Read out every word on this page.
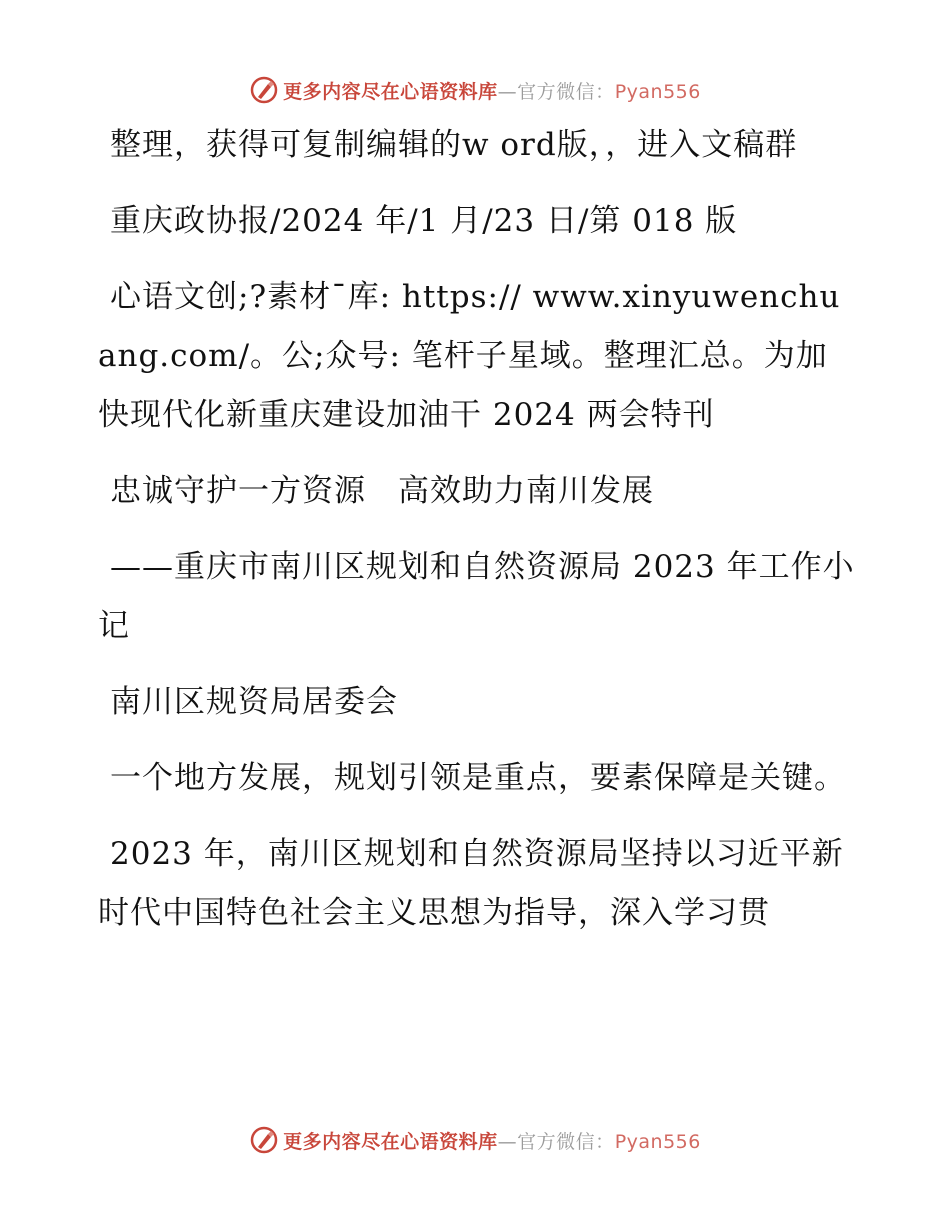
更多内容尽在心语资料库—官方微信：Pyan556

整理，获得可复制编辑的w ord版，，进入文稿群

重庆政协报/2024 年/1 月/23 日/第 018 版

心语文创;?素材¯库: https:// www.xinyuwenchuang.com/。公;众号: 笔杆子星域。整理汇总。为加快现代化新重庆建设加油干 2024 两会特刊

忠诚守护一方资源　高效助力南川发展

——重庆市南川区规划和自然资源局 2023 年工作小记

南川区规资局居委会

一个地方发展，规划引领是重点，要素保障是关键。

2023 年，南川区规划和自然资源局坚持以习近平新时代中国特色社会主义思想为指导，深入学习贯

更多内容尽在心语资料库—官方微信：Pyan556
